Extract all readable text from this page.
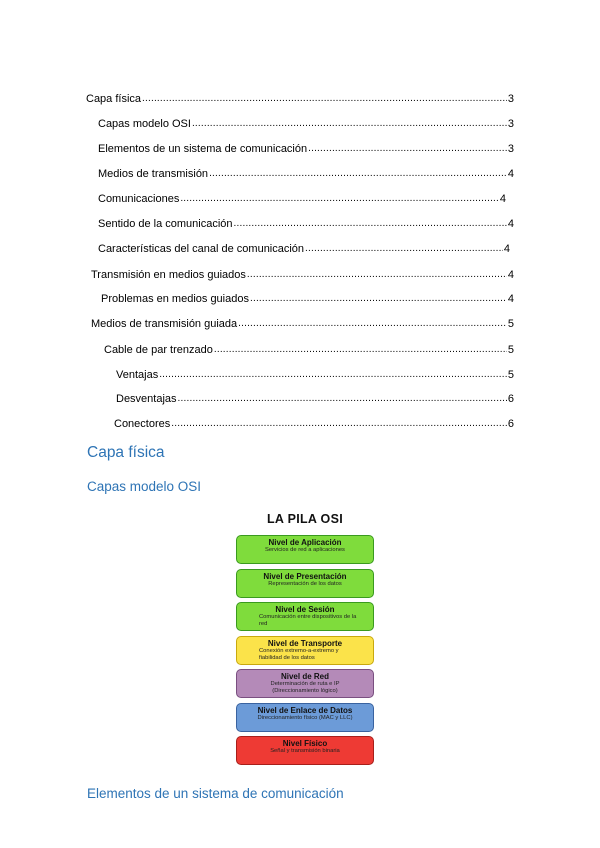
Capa física .....	3
Capas modelo OSI .....	3
Elementos de un sistema de comunicación .....	3
Medios de transmisión .....	4
Comunicaciones .....	4
Sentido de la comunicación .....	4
Características del canal de comunicación .....	4
Transmisión en medios guiados .....	4
Problemas en medios guiados .....	4
Medios de transmisión guiada .....	5
Cable de par trenzado .....	5
Ventajas .....	5
Desventajas .....	6
Conectores .....	6
Capa física
Capas modelo OSI
LA PILA OSI
Nivel de Aplicación
Servicios de red a aplicaciones
Nivel de Presentación
Representación de los datos
Nivel de Sesión
Comunicación entre dispositivos de la red
Nivel de Transporte
Conexión extremo-a-extremo y fiabilidad de los datos
Nivel de Red
Determinación de ruta e IP (Direccionamiento lógico)
Nivel de Enlace de Datos
Direccionamiento físico (MAC y LLC)
Nivel Físico
Señal y transmisión binaria
Elementos de un sistema de comunicación
